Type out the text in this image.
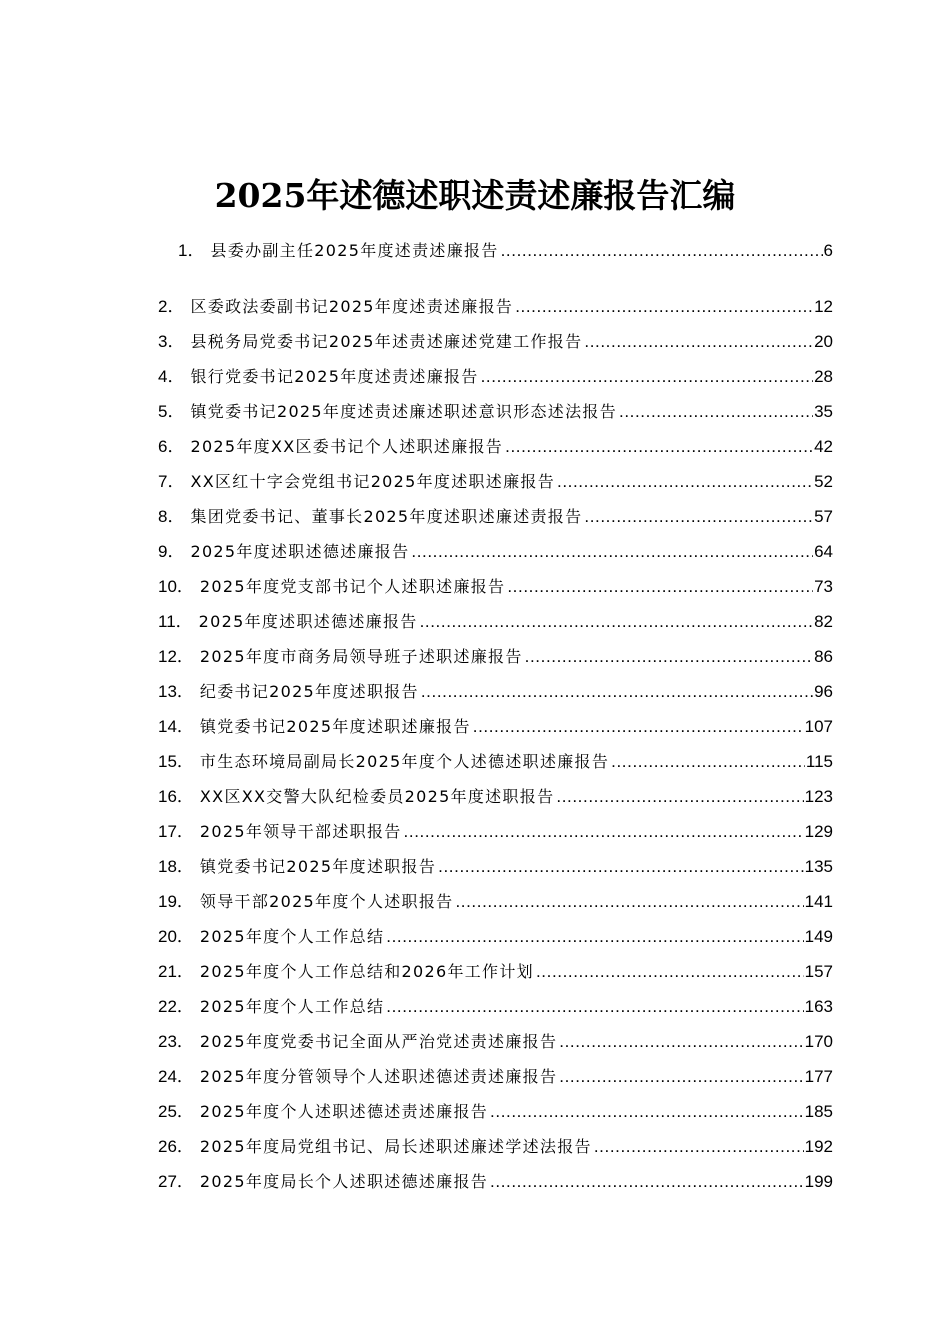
2025年述德述职述责述廉报告汇编
1． 县委办副主任2025年度述责述廉报告 .....	6
2． 区委政法委副书记2025年度述责述廉报告 .....	12
3． 县税务局党委书记2025年述责述廉述党建工作报告 .....	20
4． 银行党委书记2025年度述责述廉报告 .....	28
5． 镇党委书记2025年度述责述廉述职述意识形态述法报告 .....	35
6． 2025年度XX区委书记个人述职述廉报告 .....	42
7． XX区红十字会党组书记2025年度述职述廉报告 .....	52
8． 集团党委书记、董事长2025年度述职述廉述责报告 .....	57
9． 2025年度述职述德述廉报告 .....	64
10． 2025年度党支部书记个人述职述廉报告 .....	73
11． 2025年度述职述德述廉报告 .....	82
12． 2025年度市商务局领导班子述职述廉报告 .....	86
13． 纪委书记2025年度述职报告 .....	96
14． 镇党委书记2025年度述职述廉报告 .....	107
15． 市生态环境局副局长2025年度个人述德述职述廉报告 .....	115
16． XX区XX交警大队纪检委员2025年度述职报告 .....	123
17． 2025年领导干部述职报告 .....	129
18． 镇党委书记2025年度述职报告 .....	135
19． 领导干部2025年度个人述职报告 .....	141
20． 2025年度个人工作总结 .....	149
21． 2025年度个人工作总结和2026年工作计划 .....	157
22． 2025年度个人工作总结 .....	163
23． 2025年度党委书记全面从严治党述责述廉报告 .....	170
24． 2025年度分管领导个人述职述德述责述廉报告 .....	177
25． 2025年度个人述职述德述责述廉报告 .....	185
26． 2025年度局党组书记、局长述职述廉述学述法报告 .....	192
27． 2025年度局长个人述职述德述廉报告 .....	199
